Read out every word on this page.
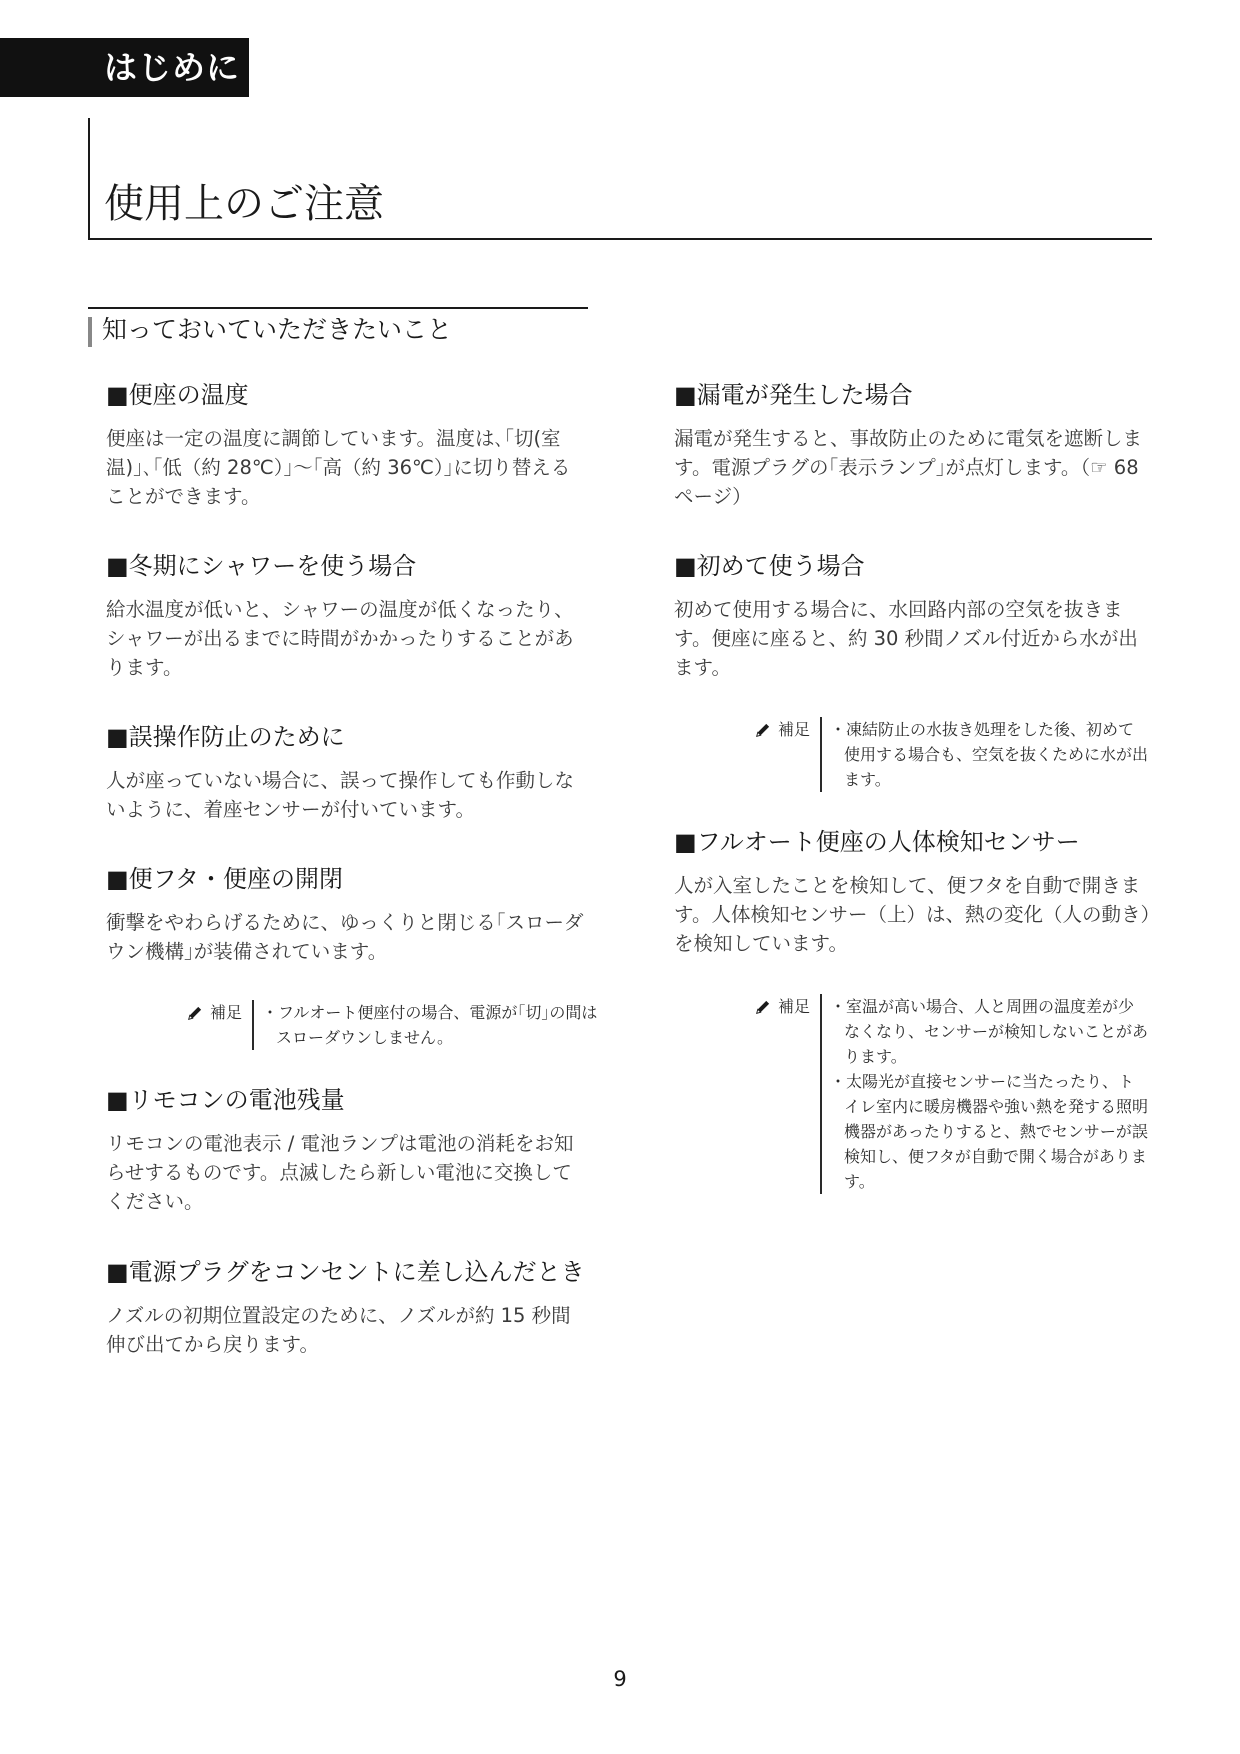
はじめに
使用上のご注意
知っておいていただきたいこと
■便座の温度

便座は一定の温度に調節しています。温度は､｢切(室温)｣､｢低（約 28℃）｣～｢高（約 36℃）｣に切り替えることができます。

■冬期にシャワーを使う場合

給水温度が低いと、シャワーの温度が低くなったり、シャワーが出るまでに時間がかかったりすることがあります。

■誤操作防止のために

人が座っていない場合に、誤って操作しても作動しないように、着座センサーが付いています。

■便フタ・便座の開閉

衝撃をやわらげるために、ゆっくりと閉じる｢スローダウン機構｣が装備されています。

■リモコンの電池残量

リモコンの電池表示 / 電池ランプは電池の消耗をお知らせするものです。点滅したら新しい電池に交換してください。

■電源プラグをコンセントに差し込んだとき

ノズルの初期位置設定のために、ノズルが約 15 秒間伸び出てから戻ります。

補足 ・フルオート便座付の場合、電源が｢切｣の間はスローダウンしません。
■漏電が発生した場合

漏電が発生すると、事故防止のために電気を遮断します。電源プラグの｢表示ランプ｣が点灯します。（☞ 68 ページ）

■初めて使う場合

初めて使用する場合に、水回路内部の空気を抜きます。便座に座ると、約 30 秒間ノズル付近から水が出ます。

■フルオート便座の人体検知センサー

人が入室したことを検知して、便フタを自動で開きます。人体検知センサー（上）は、熱の変化（人の動き）を検知しています。

補足 ・凍結防止の水抜き処理をした後、初めて使用する場合も、空気を抜くために水が出ます。
補足 ・室温が高い場合、人と周囲の温度差が少なくなり、センサーが検知しないことがあります。
・太陽光が直接センサーに当たったり、トイレ室内に暖房機器や強い熱を発する照明機器があったりすると、熱でセンサーが誤検知し、便フタが自動で開く場合があります。
9
